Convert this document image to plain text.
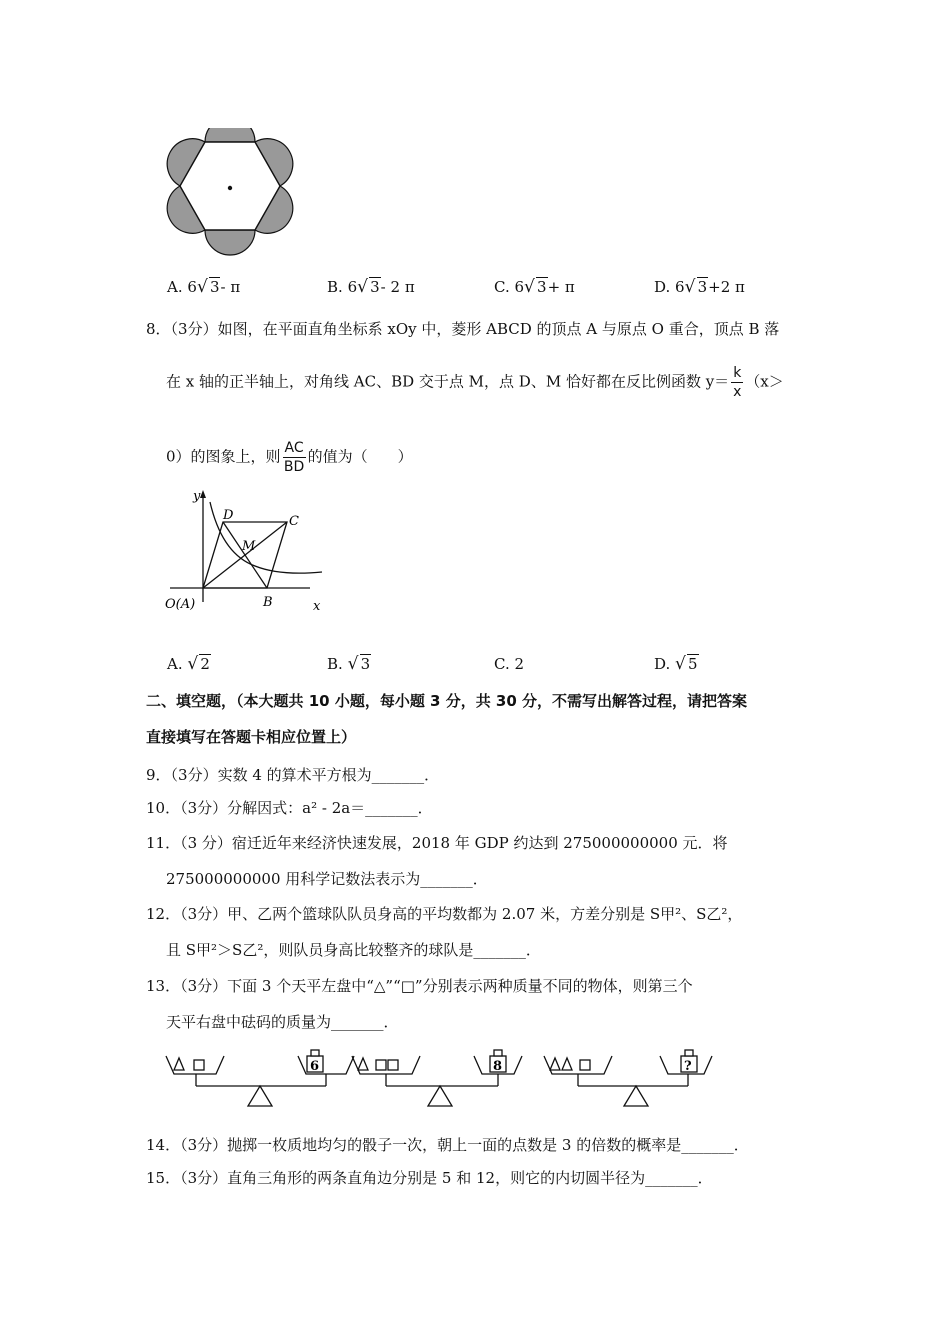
A. 6 √ 3- π	B. 6 √ 3- 2 π	C. 6 √ 3+ π	D. 6 √ 3+2 π
8．（3分）如图，在平面直角坐标系 xOy 中，菱形 ABCD 的顶点 A 与原点 O 重合，顶点 B 落
在 x 轴的正半轴上，对角线 AC、BD 交于点 M，点 D、M 恰好都在反比例函数 $y= \frac{k}{x} (x>$
0）的图象上，则 $\frac{AC}{BD}$ 的值为（　　）
y
D	C
M
O(A)	B	x
A. √ 2	B. √ 3	C. 2	D. √ 5
二、填空题，（本大题共 10 小题，每小题 3 分，共 30 分，不需写出解答过程，请把答案
直接填写在答题卡相应位置上）
9．（3分）实数 4 的算术平方根为_______．
10．（3分）分解因式：a² - 2a＝_______．
11．（3 分）宿迁近年来经济快速发展，2018 年 GDP 约达到 275000000000 元．将
275000000000 用科学记数法表示为_______．
12．（3分）甲、乙两个篮球队队员身高的平均数都为 2.07 米，方差分别是 S甲²、S乙²，
且 S甲²＞S乙²，则队员身高比较整齐的球队是_______．
13．（3分）下面 3 个天平左盘中“△”“□”分别表示两种质量不同的物体，则第三个
天平右盘中砝码的质量为_______．
6	8	?
14．（3分）抛掷一枚质地均匀的骰子一次，朝上一面的点数是 3 的倍数的概率是_______．
15．（3分）直角三角形的两条直角边分别是 5 和 12，则它的内切圆半径为_______．
